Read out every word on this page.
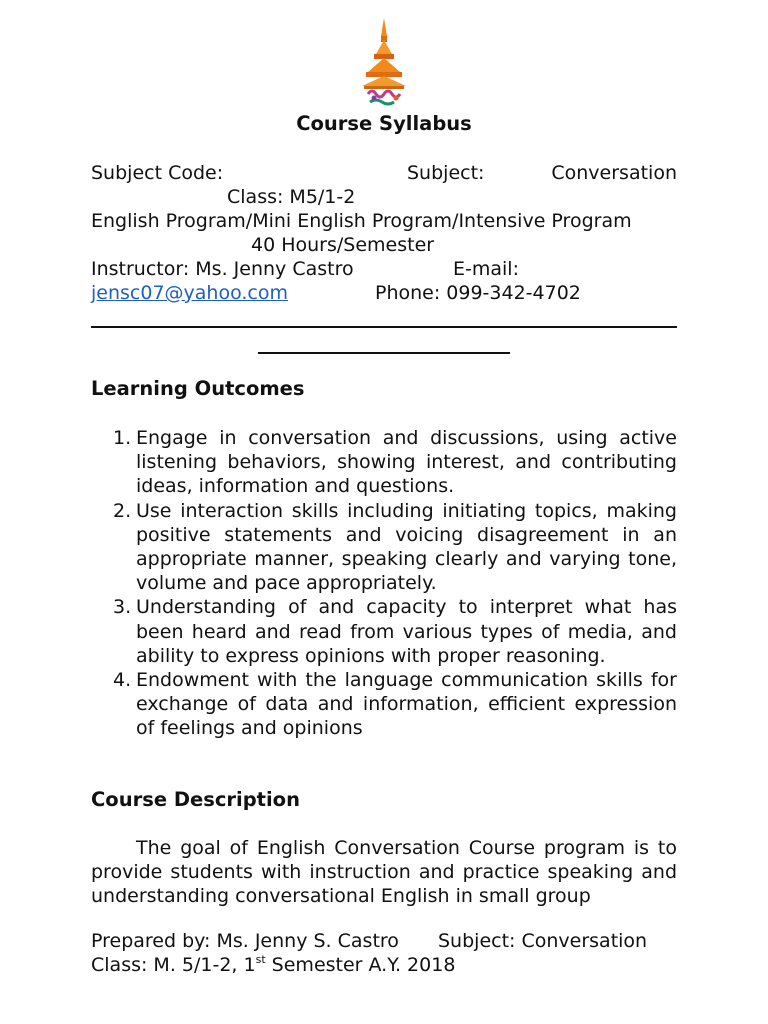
Course Syllabus
Subject Code:	Subject:	Conversation
Class: M5/1-2
English Program/Mini English Program/Intensive Program
40 Hours/Semester
Instructor: Ms. Jenny Castro	E-mail:
jensc07@yahoo.com	Phone: 099-342-4702
Learning Outcomes
1. Engage in conversation and discussions, using active listening behaviors, showing interest, and contributing ideas, information and questions.
2. Use interaction skills including initiating topics, making positive statements and voicing disagreement in an appropriate manner, speaking clearly and varying tone, volume and pace appropriately.
3. Understanding of and capacity to interpret what has been heard and read from various types of media, and ability to express opinions with proper reasoning.
4. Endowment with the language communication skills for exchange of data and information, efficient expression of feelings and opinions
Course Description
The goal of English Conversation Course program is to provide students with instruction and practice speaking and understanding conversational English in small group
Prepared by: Ms. Jenny S. Castro Subject: Conversation
Class: M. 5/1-2, 1st Semester A.Y. 2018
